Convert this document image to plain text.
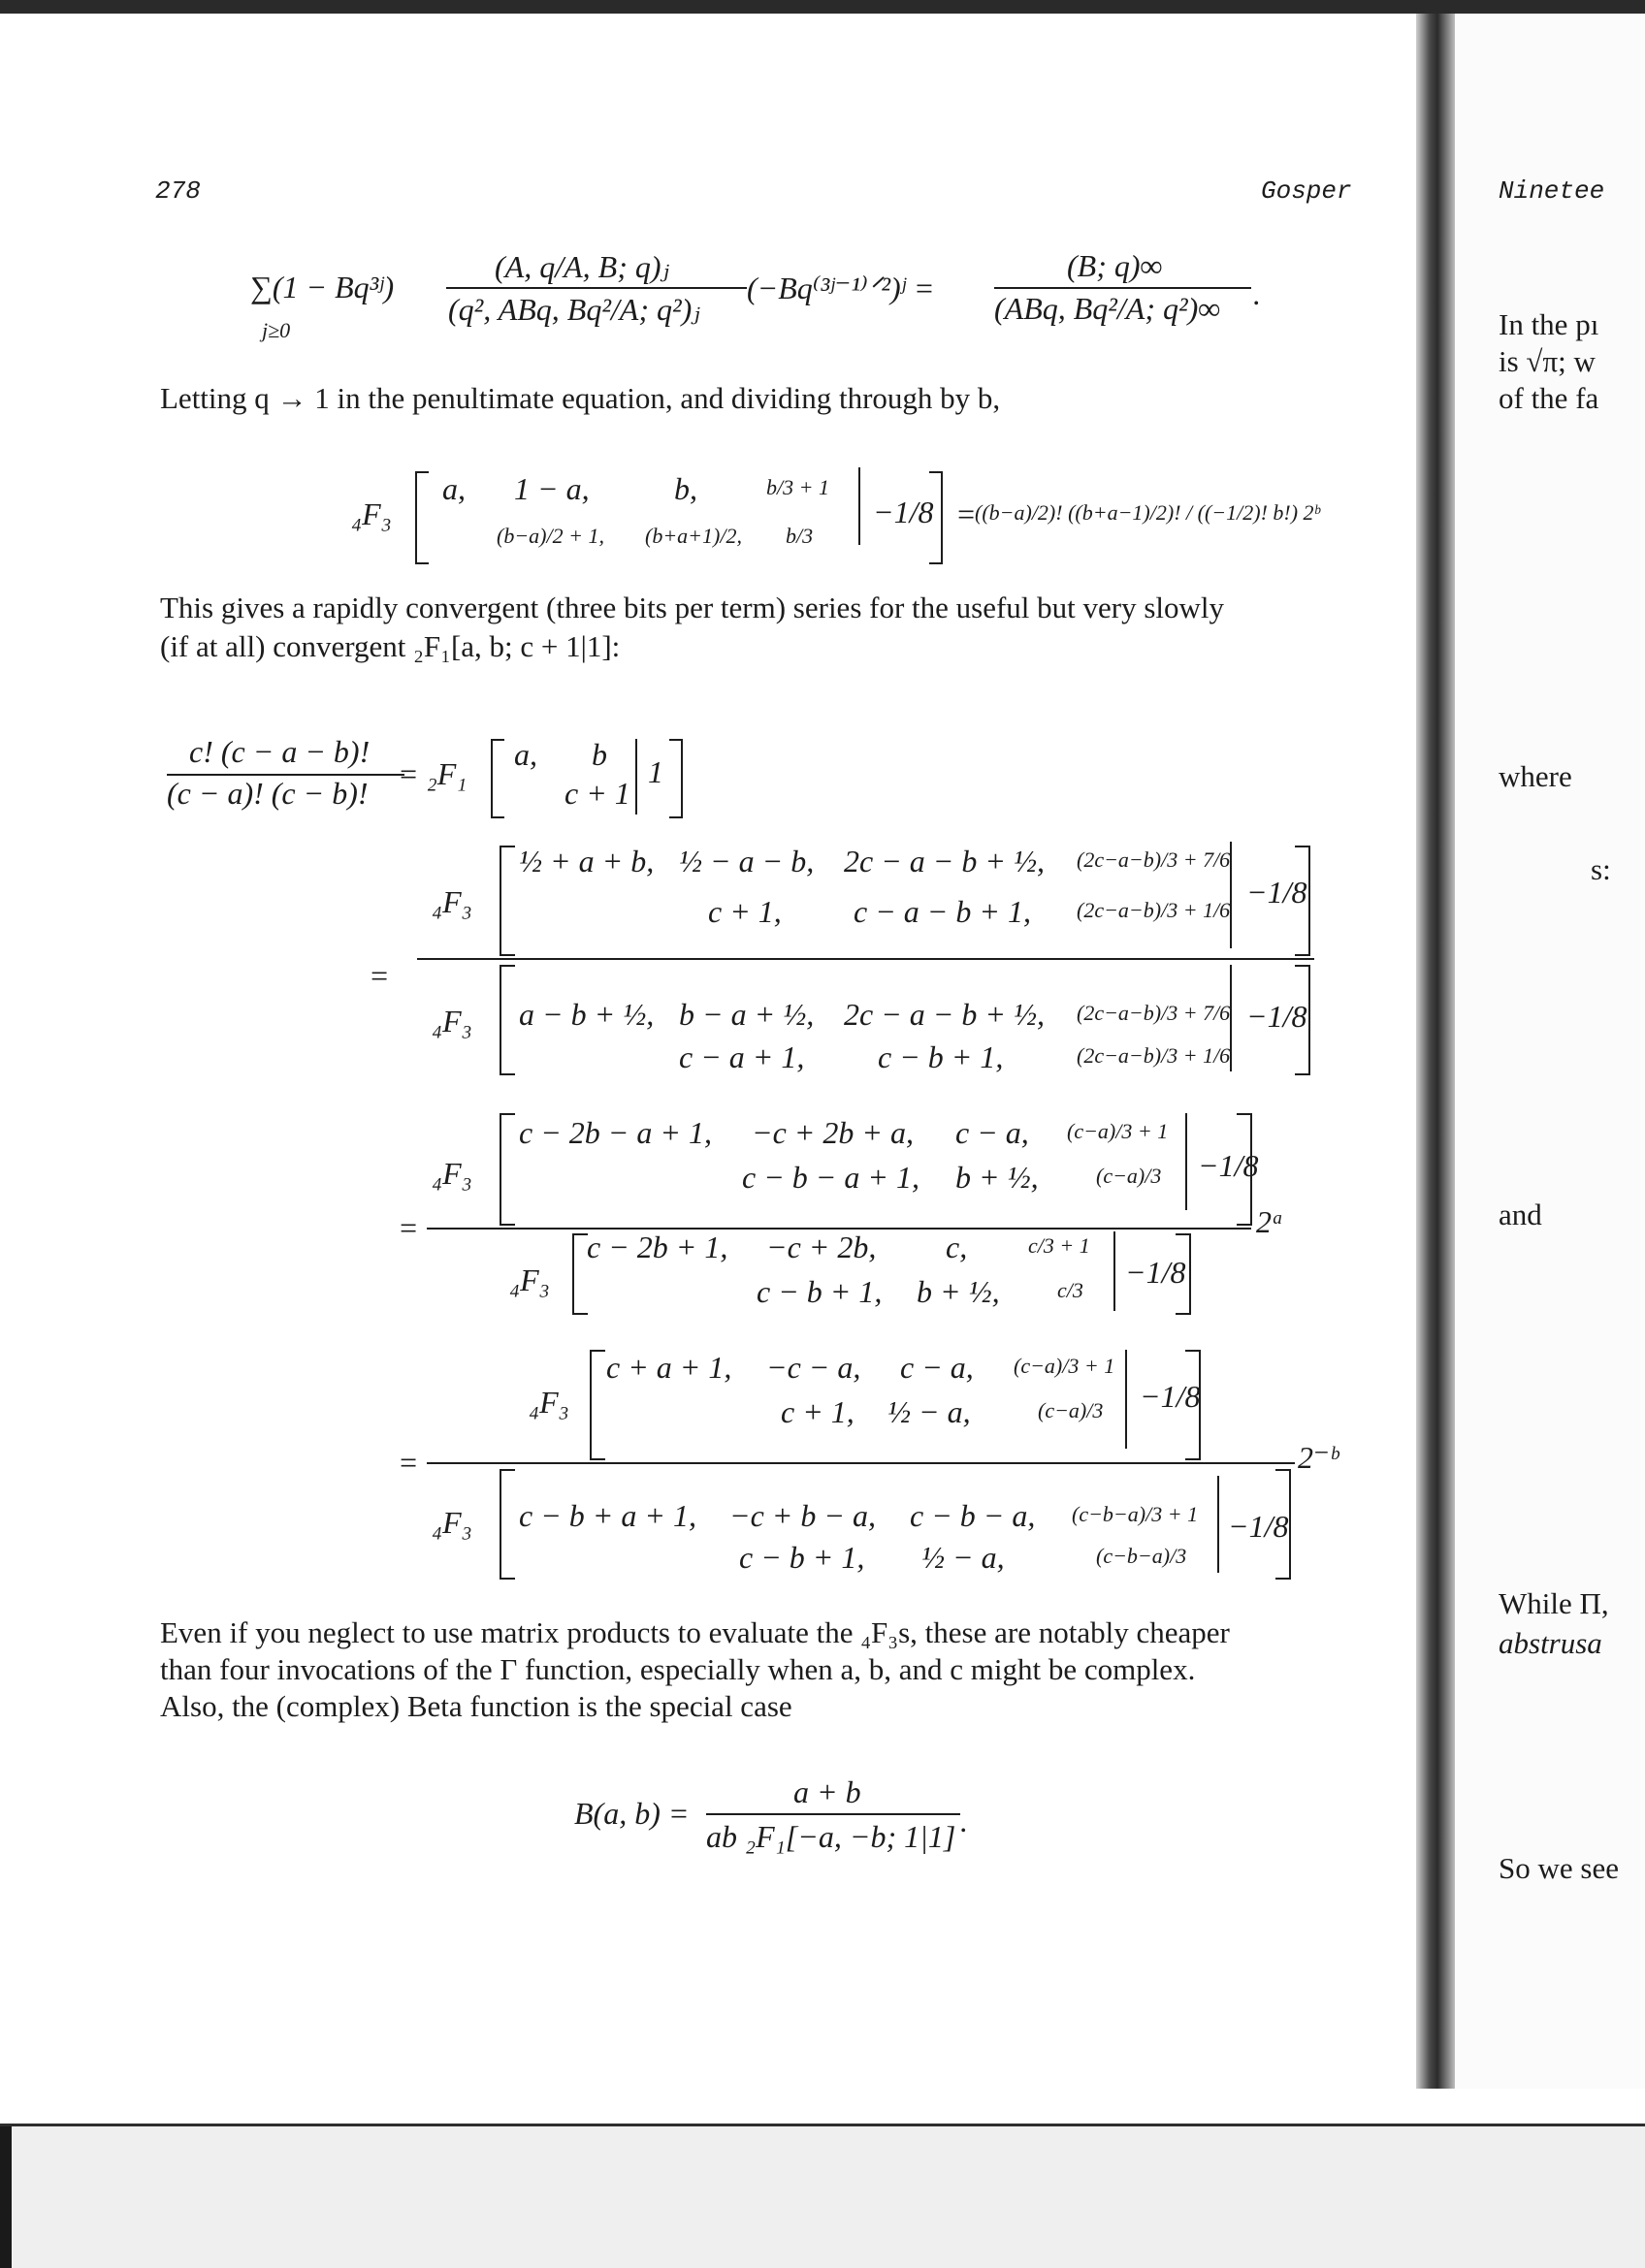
278	Gosper	Ninetee
∑(1 − Bq³ʲ)
j≥0
(A, q/A, B; q)ⱼ
(q², ABq, Bq²/A; q²)ⱼ
(−Bq⁽³ʲ⁻¹⁾ᐟ²)ʲ =
(B; q)∞
(ABq, Bq²/A; q²)∞ .
Letting q → 1 in the penultimate equation, and dividing through by b,
₄F₃
a, 1 − a,	b,	b/3 + 1
(b−a)/2 + 1, (b+a+1)/2, b/3
−1/8 =
((b−a)/2)! ((b+a−1)/2)! / ((−1/2)! b!) 2ᵇ
This gives a rapidly convergent (three bits per term) series for the useful but very slowly
(if at all) convergent ₂F₁[a, b; c + 1|1]:
c! (c − a − b)!
(c − a)! (c − b)!
= ₂F₁
a, b
c + 1
1
=
₄F₃
½ + a + b, ½ − a − b, 2c − a − b + ½, (2c−a−b)/3 + 7/6
c + 1, c − a − b + 1, (2c−a−b)/3 + 1/6
−1/8
₄F₃ a − b + ½, b − a + ½, 2c − a − b + ½, (2c−a−b)/3 + 7/6
c − a + 1, c − b + 1,	(2c−a−b)/3 + 1/6
−1/8
=
₄F₃
c − 2b − a + 1, −c + 2b + a, c − a, (c−a)/3 + 1
c − b − a + 1, b + ½,	(c−a)/3 −1/8
2ᵃ
₄F₃
c − 2b + 1, −c + 2b, c,	c/3 + 1
c − b + 1, b + ½,	c/3
−1/8
=
₄F₃
c + a + 1, −c − a, c − a, (c−a)/3 + 1
c + 1, ½ − a,	(c−a)/3 −1/8
2⁻ᵇ
₄F₃ c − b + a + 1, −c + b − a, c − b − a, (c−b−a)/3 + 1
c − b + 1, ½ − a,	(c−b−a)/3
−1/8
Even if you neglect to use matrix products to evaluate the ₄F₃s, these are notably cheaper
than four invocations of the Γ function, especially when a, b, and c might be complex.
Also, the (complex) Beta function is the special case
B(a, b) =
a + b
ab ₂F₁[−a, −b; 1|1] .
In the pı
is √π; w
of the fa
where
s:
and
While Π,
abstrusa
So we see
